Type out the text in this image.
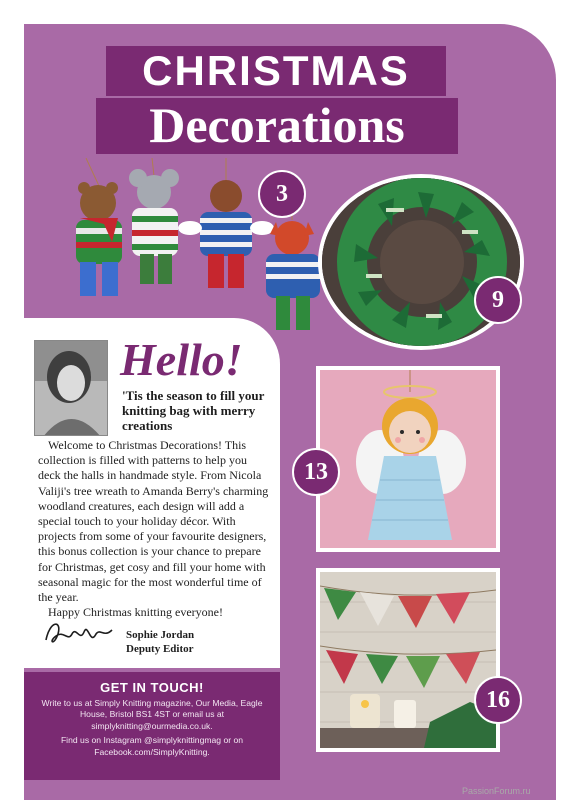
CHRISTMAS
Decorations
3
9
13
16
Hello!
'Tis the season to fill your knitting bag with merry creations

Welcome to Christmas Decorations! This collection is filled with patterns to help you deck the halls in handmade style. From Nicola Valiji's tree wreath to Amanda Berry's charming woodland creatures, each design will add a special touch to your holiday décor. With projects from some of your favourite designers, this bonus collection is your chance to prepare for Christmas, get cosy and fill your home with seasonal magic for the most wonderful time of the year.

Happy Christmas knitting everyone!

Sophie Jordan
Deputy Editor
GET IN TOUCH!
Write to us at Simply Knitting magazine, Our Media, Eagle House, Bristol BS1 4ST or email us at simplyknitting@ourmedia.co.uk.
Find us on Instagram @simplyknittingmag or on Facebook.com/SimplyKnitting.
PassionForum.ru
